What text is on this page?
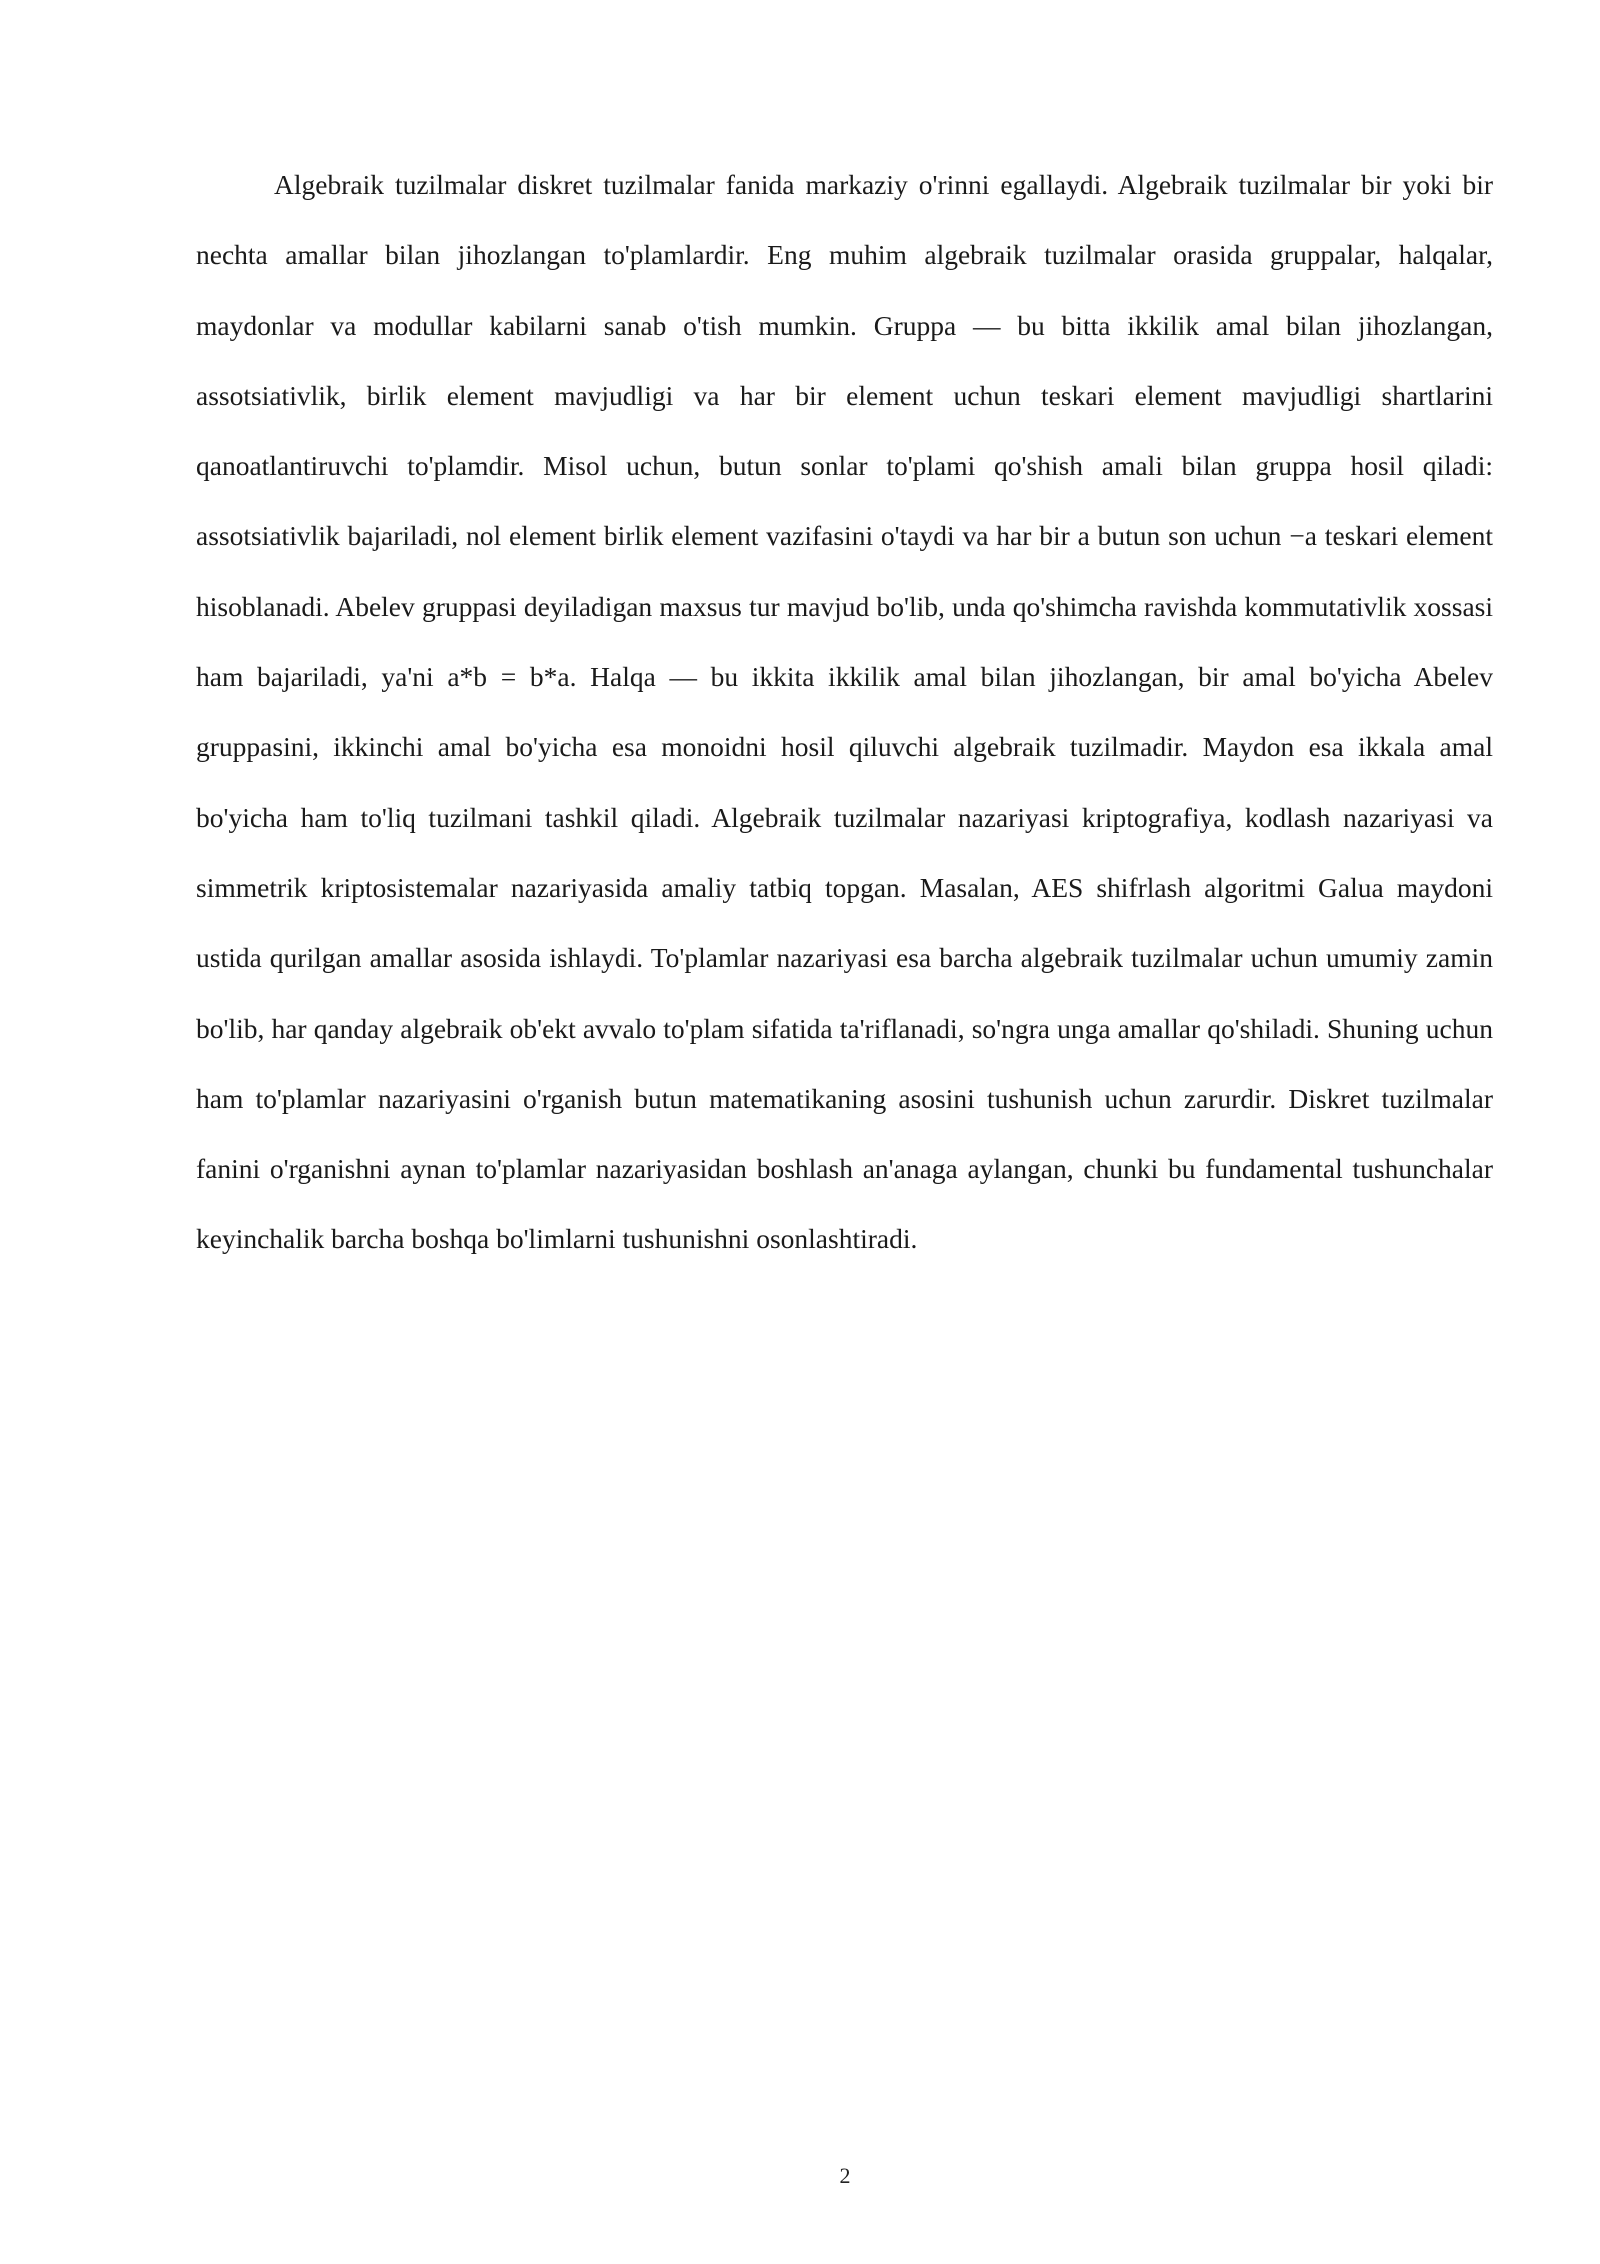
Algebraik tuzilmalar diskret tuzilmalar fanida markaziy o'rinni egallaydi. Algebraik tuzilmalar bir yoki bir nechta amallar bilan jihozlangan to'plamlardir. Eng muhim algebraik tuzilmalar orasida gruppalar, halqalar, maydonlar va modullar kabilarni sanab o'tish mumkin. Gruppa — bu bitta ikkilik amal bilan jihozlangan, assotsiativlik, birlik element mavjudligi va har bir element uchun teskari element mavjudligi shartlarini qanoatlantiruvchi to'plamdir. Misol uchun, butun sonlar to'plami qo'shish amali bilan gruppa hosil qiladi: assotsiativlik bajariladi, nol element birlik element vazifasini o'taydi va har bir a butun son uchun −a teskari element hisoblanadi. Abelev gruppasi deyiladigan maxsus tur mavjud bo'lib, unda qo'shimcha ravishda kommutativlik xossasi ham bajariladi, ya'ni a*b = b*a. Halqa — bu ikkita ikkilik amal bilan jihozlangan, bir amal bo'yicha Abelev gruppasini, ikkinchi amal bo'yicha esa monoidni hosil qiluvchi algebraik tuzilmadir. Maydon esa ikkala amal bo'yicha ham to'liq tuzilmani tashkil qiladi. Algebraik tuzilmalar nazariyasi kriptografiya, kodlash nazariyasi va simmetrik kriptosistemalar nazariyasida amaliy tatbiq topgan. Masalan, AES shifrlash algoritmi Galua maydoni ustida qurilgan amallar asosida ishlaydi. To'plamlar nazariyasi esa barcha algebraik tuzilmalar uchun umumiy zamin bo'lib, har qanday algebraik ob'ekt avvalo to'plam sifatida ta'riflanadi, so'ngra unga amallar qo'shiladi. Shuning uchun ham to'plamlar nazariyasini o'rganish butun matematikaning asosini tushunish uchun zarurdir. Diskret tuzilmalar fanini o'rganishni aynan to'plamlar nazariyasidan boshlash an'anaga aylangan, chunki bu fundamental tushunchalar keyinchalik barcha boshqa bo'limlarni tushunishni osonlashtiradi.

2
